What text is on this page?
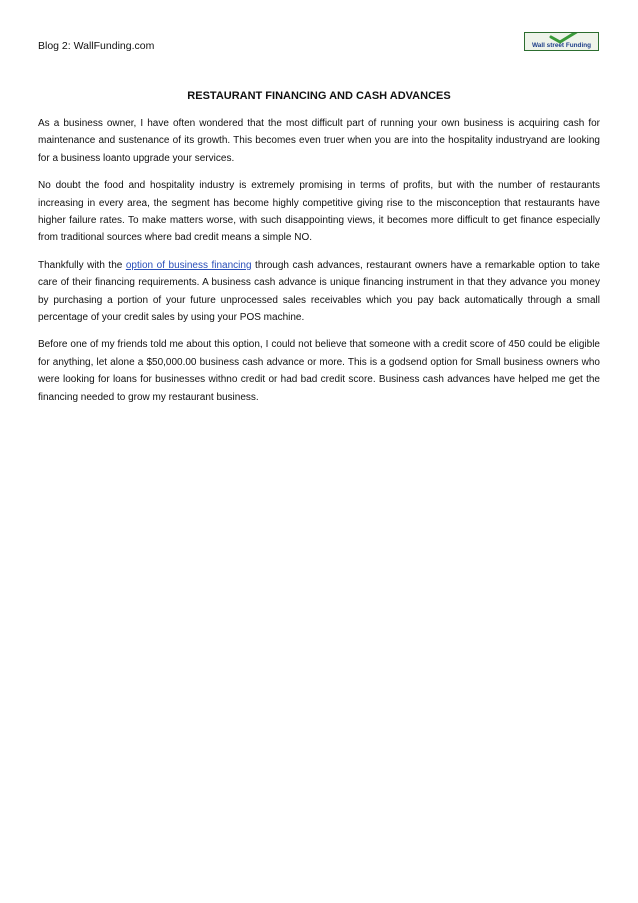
Blog 2: WallFunding.com	Wall street Funding
RESTAURANT FINANCING AND CASH ADVANCES

As a business owner, I have often wondered that the most difficult part of running your own business is acquiring cash for maintenance and sustenance of its growth. This becomes even truer when you are into the hospitality industryand are looking for a business loanto upgrade your services.

No doubt the food and hospitality industry is extremely promising in terms of profits, but with the number of restaurants increasing in every area, the segment has become highly competitive giving rise to the misconception that restaurants have higher failure rates. To make matters worse, with such disappointing views, it becomes more difficult to get finance especially from traditional sources where bad credit means a simple NO.

Thankfully with the option of business financing through cash advances, restaurant owners have a remarkable option to take care of their financing requirements. A business cash advance is unique financing instrument in that they advance you money by purchasing a portion of your future unprocessed sales receivables which you pay back automatically through a small percentage of your credit sales by using your POS machine.

Before one of my friends told me about this option, I could not believe that someone with a credit score of 450 could be eligible for anything, let alone a $50,000.00 business cash advance or more. This is a godsend option for Small business owners who were looking for loans for businesses withno credit or had bad credit score. Business cash advances have helped me get the financing needed to grow my restaurant business.
